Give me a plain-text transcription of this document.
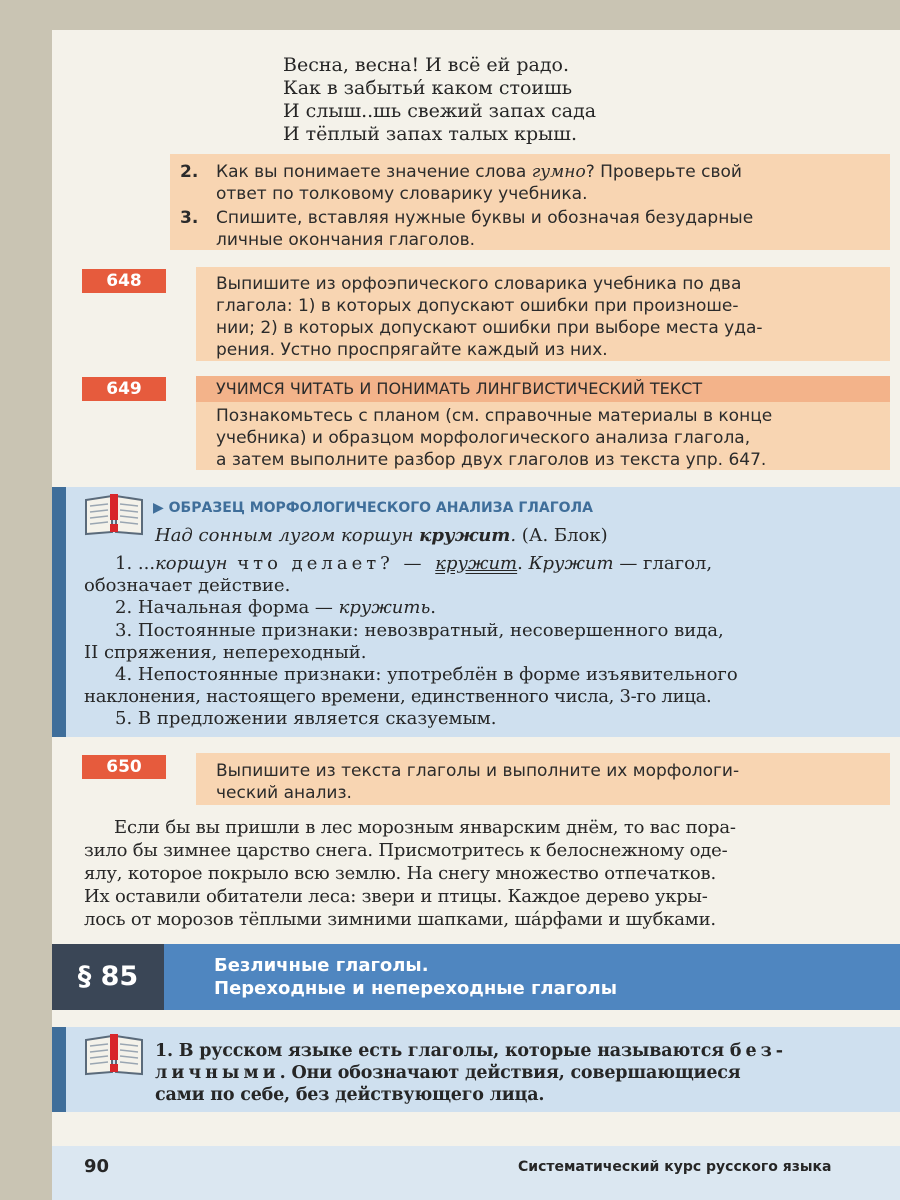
Весна, весна! И всё ей радо.
Как в забытьи́ каком стоишь
И слыш..шь свежий запах сада
И тёплый запах талых крыш.
2.	Как вы понимаете значение слова гумно? Проверьте свой
ответ по толковому словарику учебника.
3.	Спишите, вставляя нужные буквы и обозначая безударные
личные окончания глаголов.
648	Выпишите из орфоэпического словарика учебника по два
глагола: 1) в которых допускают ошибки при произноше-
нии; 2) в которых допускают ошибки при выборе места уда-
рения. Устно проспрягайте каждый из них.
649	УЧИМСЯ ЧИТАТЬ И ПОНИМАТЬ ЛИНГВИСТИЧЕСКИЙ ТЕКСТ
Познакомьтесь с планом (см. справочные материалы в конце
учебника) и образцом морфологического анализа глагола,
а затем выполните разбор двух глаголов из текста упр. 647.
▶ ОБРАЗЕЦ МОРФОЛОГИЧЕСКОГО АНАЛИЗА ГЛАГОЛА
Над сонным лугом коршун кружит. (А. Блок)
1. ...коршун что делает? — кружит. Кружит — глагол,
обозначает действие.
2. Начальная форма — кружить.
3. Постоянные признаки: невозвратный, несовершенного вида,
II спряжения, непереходный.
4. Непостоянные признаки: употреблён в форме изъявительного
наклонения, настоящего времени, единственного числа, 3-го лица.
5. В предложении является сказуемым.
650	Выпишите из текста глаголы и выполните их морфологи-
ческий анализ.
Если бы вы пришли в лес морозным январским днём, то вас пора-
зило бы зимнее царство снега. Присмотритесь к белоснежному оде-
ялу, которое покрыло всю землю. На снегу множество отпечатков.
Их оставили обитатели леса: звери и птицы. Каждое дерево укры-
лось от морозов тёплыми зимними шапками, ша́рфами и шубками.
§ 85	Безличные глаголы.
Переходные и непереходные глаголы
1. В русском языке есть глаголы, которые называются без-
личными. Они обозначают действия, совершающиеся
сами по себе, без действующего лица.
90	Систематический курс русского языка
